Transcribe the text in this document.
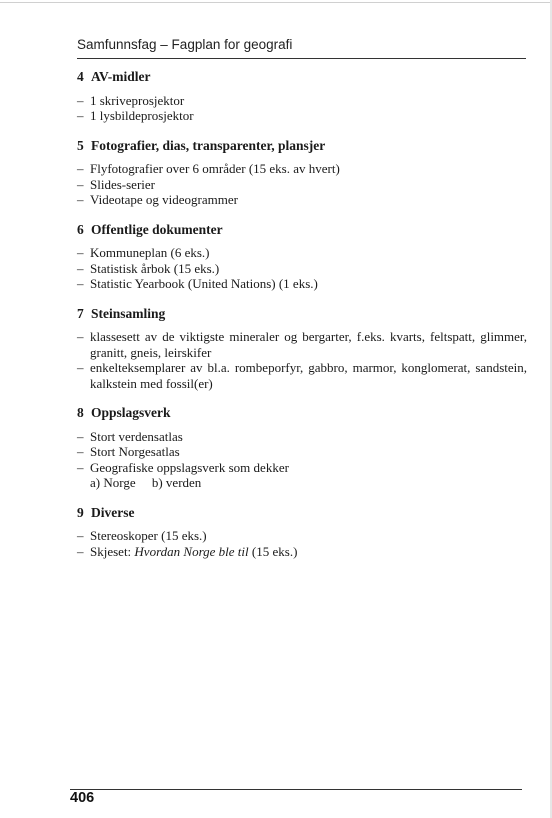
Samfunnsfag – Fagplan for geografi
4 AV-midler
– 1 skriveprosjektor
– 1 lysbildeprosjektor
5 Fotografier, dias, transparenter, plansjer
– Flyfotografier over 6 områder (15 eks. av hvert)
– Slides-serier
– Videotape og videogrammer
6 Offentlige dokumenter
– Kommuneplan (6 eks.)
– Statistisk årbok (15 eks.)
– Statistic Yearbook (United Nations) (1 eks.)
7 Steinsamling
– klassesett av de viktigste mineraler og bergarter, f.eks. kvarts, feltspatt, glimmer, granitt, gneis, leirskifer
– enkelteksemplarer av bl.a. rombeporfyr, gabbro, marmor, konglomerat, sandstein, kalkstein med fossil(er)
8 Oppslagsverk
– Stort verdensatlas
– Stort Norgesatlas
– Geografiske oppslagsverk som dekker
a) Norge  b) verden
9 Diverse
– Stereoskoper (15 eks.)
– Skjeset: Hvordan Norge ble til (15 eks.)
406
